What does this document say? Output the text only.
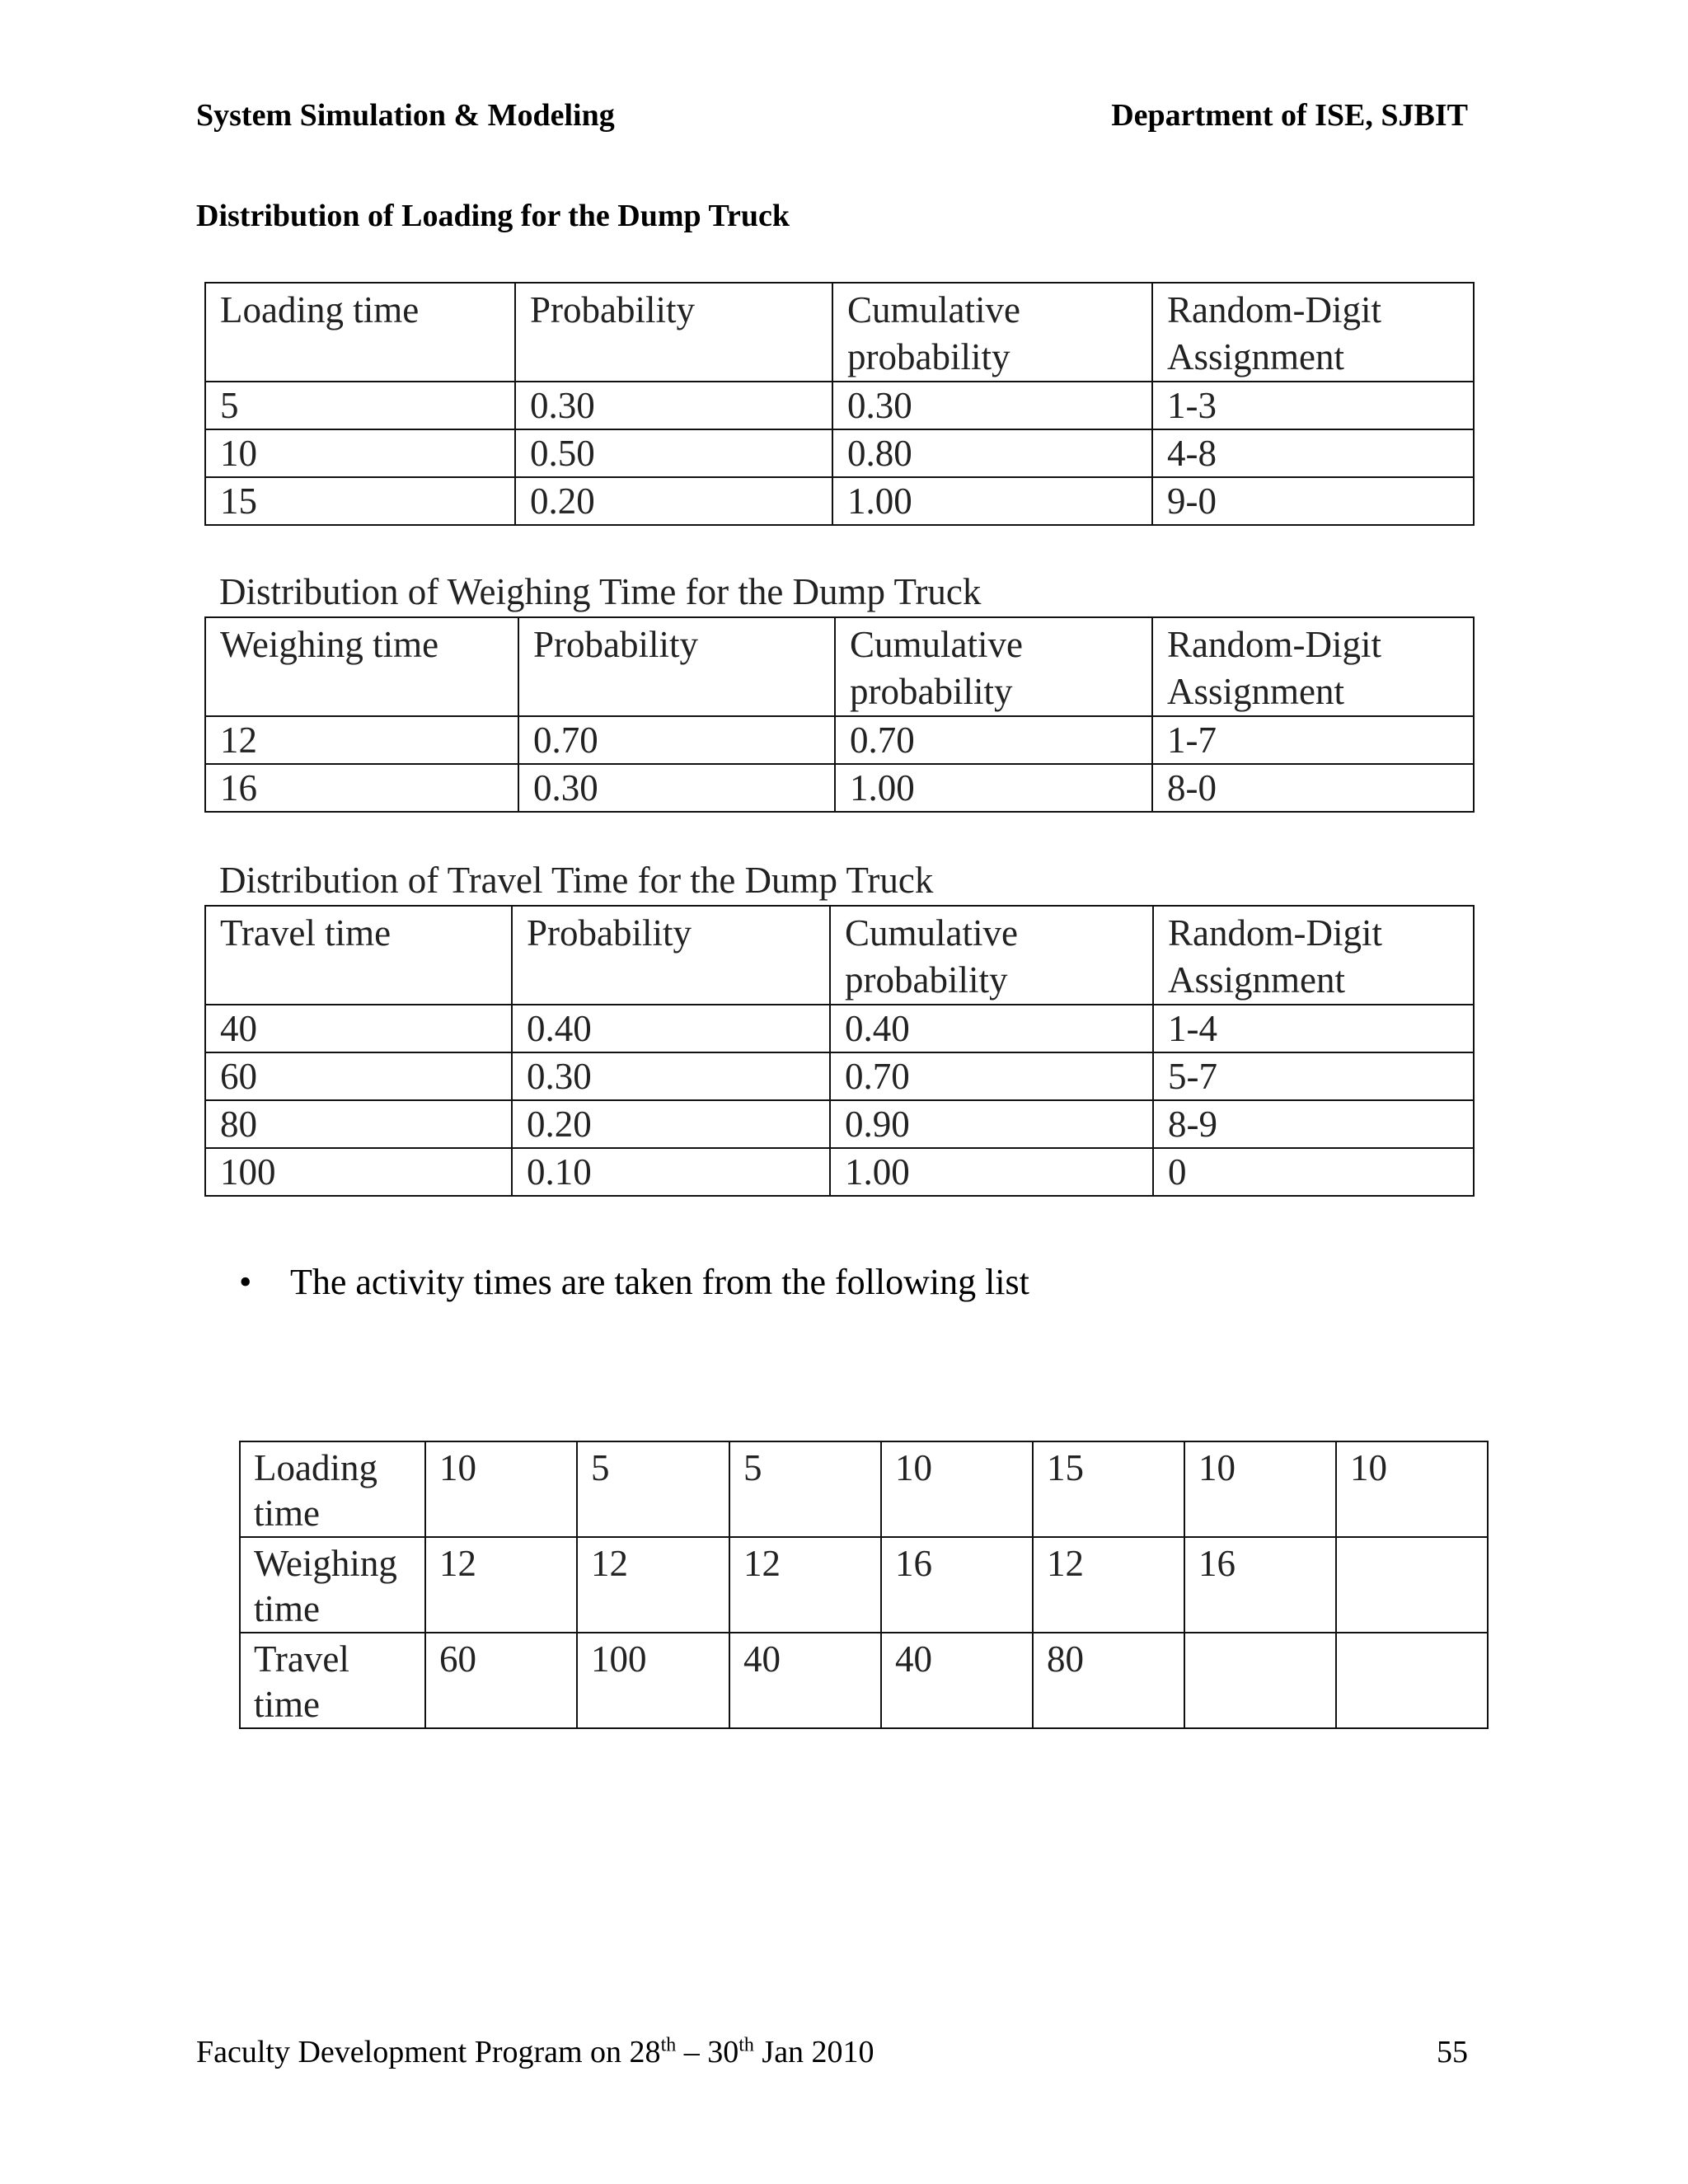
System Simulation & Modeling	Department of ISE, SJBIT
Distribution of Loading for the Dump Truck
Loading time	Probability	Cumulative probability	Random-Digit Assignment
5	0.30	0.30	1-3
10	0.50	0.80	4-8
15	0.20	1.00	9-0
Distribution of Weighing Time for the Dump Truck
Weighing time	Probability	Cumulative probability	Random-Digit Assignment
12	0.70	0.70	1-7
16	0.30	1.00	8-0
Distribution of Travel Time for the Dump Truck
Travel time	Probability	Cumulative probability	Random-Digit Assignment
40	0.40	0.40	1-4
60	0.30	0.70	5-7
80	0.20	0.90	8-9
100	0.10	1.00	0
• The activity times are taken from the following list
Loading time	10	5	5	10	15	10	10
Weighing time	12	12	12	16	12	16	
Travel time	60	100	40	40	80		
Faculty Development Program on 28th – 30th Jan 2010	55
